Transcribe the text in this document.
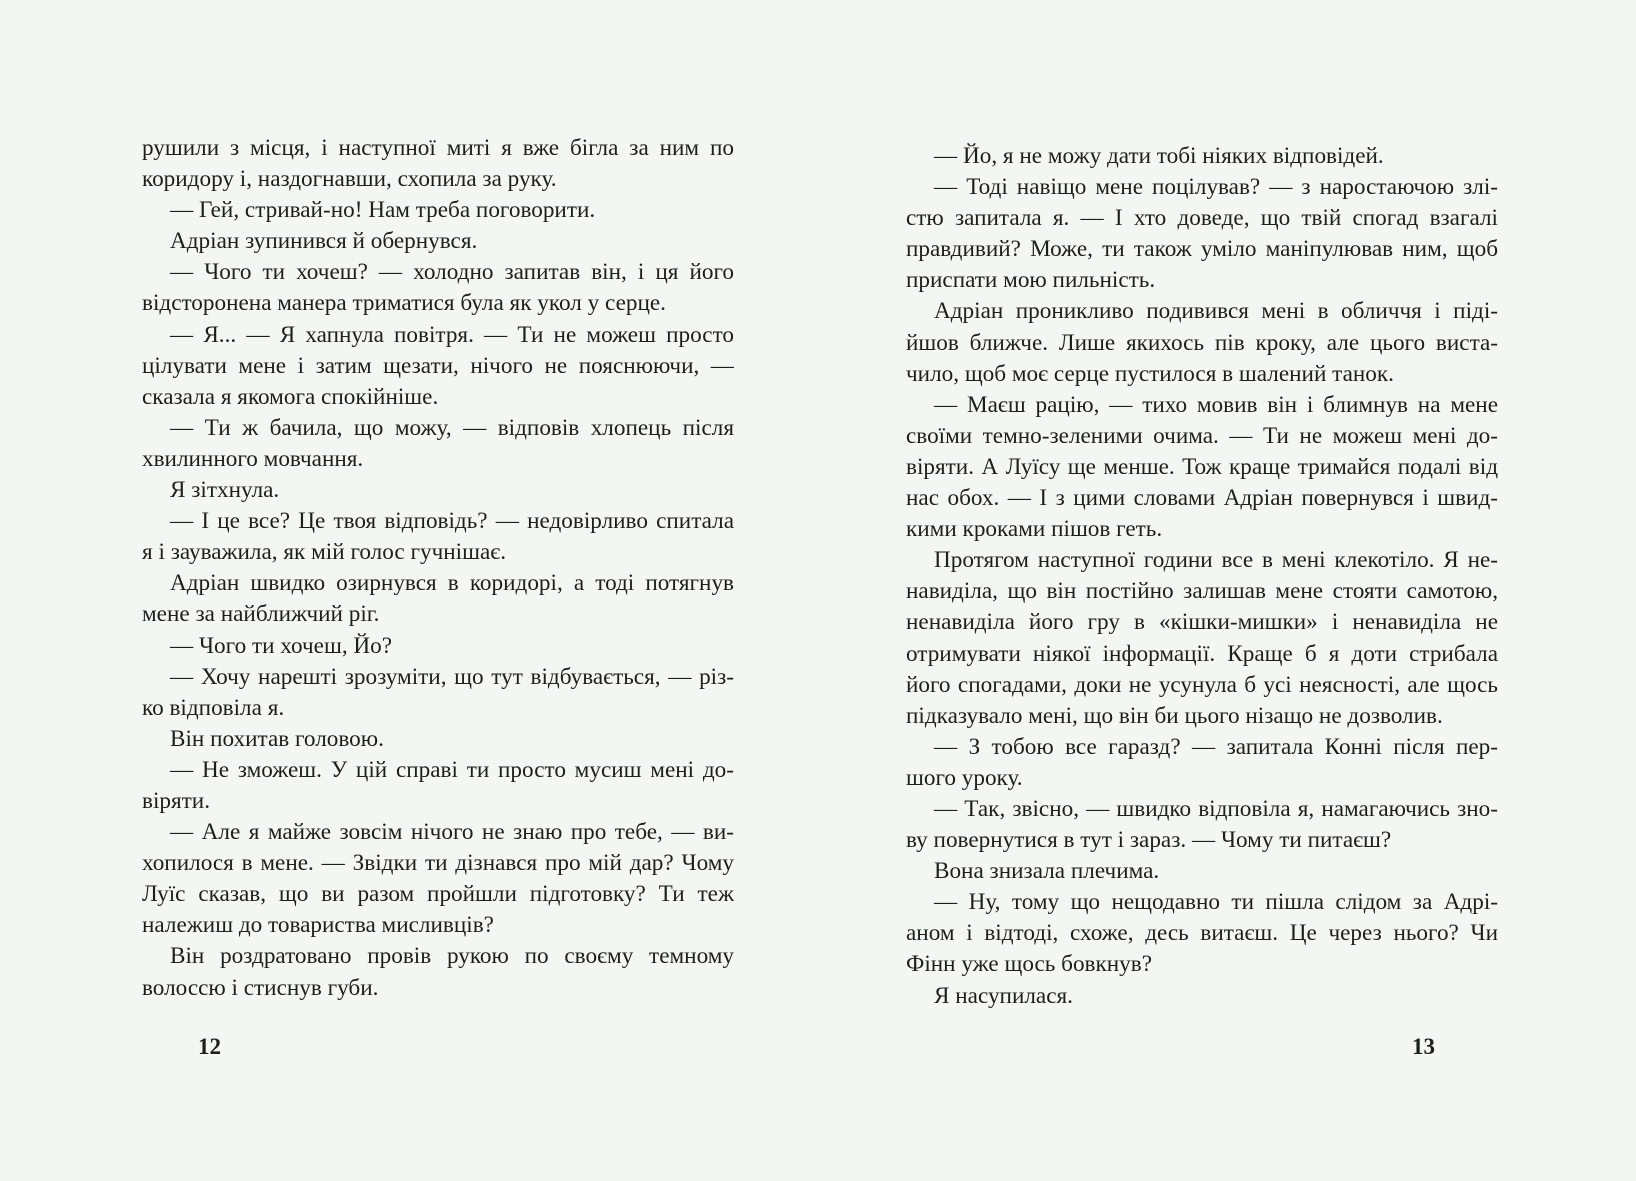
рушили з місця, і наступної миті я вже бігла за ним по
коридору і, наздогнавши, схопила за руку.
— Гей, стривай-но! Нам треба поговорити.
Адріан зупинився й обернувся.
— Чого ти хочеш? — холодно запитав він, і ця його
відсторонена манера триматися була як укол у серце.
— Я... — Я хапнула повітря. — Ти не можеш просто
цілувати мене і затим щезати, нічого не пояснюючи, —
сказала я якомога спокійніше.
— Ти ж бачила, що можу, — відповів хлопець після
хвилинного мовчання.
Я зітхнула.
— І це все? Це твоя відповідь? — недовірливо спитала
я і зауважила, як мій голос гучнішає.
Адріан швидко озирнувся в коридорі, а тоді потягнув
мене за найближчий ріг.
— Чого ти хочеш, Йо?
— Хочу нарешті зрозуміти, що тут відбувається, — різ-
ко відповіла я.
Він похитав головою.
— Не зможеш. У цій справі ти просто мусиш мені до-
віряти.
— Але я майже зовсім нічого не знаю про тебе, — ви-
хопилося в мене. — Звідки ти дізнався про мій дар? Чому
Луїс сказав, що ви разом пройшли підготовку? Ти теж
належиш до товариства мисливців?
Він роздратовано провів рукою по своєму темному
волоссю і стиснув губи.
12
— Йо, я не можу дати тобі ніяких відповідей.
— Тоді навіщо мене поцілував? — з наростаючою злі-
стю запитала я. — І хто доведе, що твій спогад взагалі
правдивий? Може, ти також уміло маніпулював ним, щоб
приспати мою пильність.
Адріан проникливо подивився мені в обличчя і піді-
йшов ближче. Лише якихось пів кроку, але цього виста-
чило, щоб моє серце пустилося в шалений танок.
— Маєш рацію, — тихо мовив він і блимнув на мене
своїми темно-зеленими очима. — Ти не можеш мені до-
віряти. А Луїсу ще менше. Тож краще тримайся подалі від
нас обох. — І з цими словами Адріан повернувся і швид-
кими кроками пішов геть.
Протягом наступної години все в мені клекотіло. Я не-
навиділа, що він постійно залишав мене стояти самотою,
ненавиділа його гру в «кішки-мишки» і ненавиділа не
отримувати ніякої інформації. Краще б я доти стрибала
його спогадами, доки не усунула б усі неясності, але щось
підказувало мені, що він би цього нізащо не дозволив.
— З тобою все гаразд? — запитала Конні після пер-
шого уроку.
— Так, звісно, — швидко відповіла я, намагаючись зно-
ву повернутися в тут і зараз. — Чому ти питаєш?
Вона знизала плечима.
— Ну, тому що нещодавно ти пішла слідом за Адрі-
аном і відтоді, схоже, десь витаєш. Це через нього? Чи
Фінн уже щось бовкнув?
Я насупилася.
13
